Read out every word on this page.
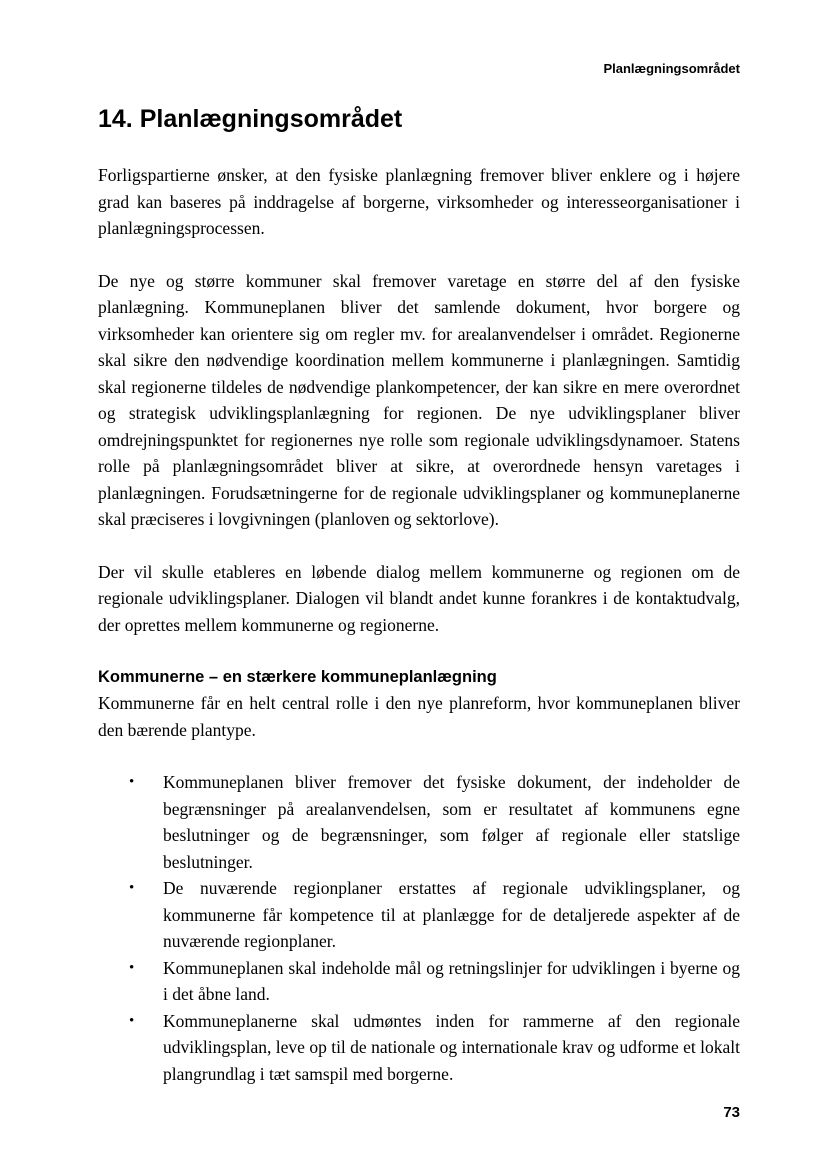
Planlægningsområdet
14. Planlægningsområdet

Forligspartierne ønsker, at den fysiske planlægning fremover bliver enklere og i højere grad kan baseres på inddragelse af borgerne, virksomheder og interesseorganisationer i planlægningsprocessen.

De nye og større kommuner skal fremover varetage en større del af den fysiske planlægning. Kommuneplanen bliver det samlende dokument, hvor borgere og virksomheder kan orientere sig om regler mv. for arealanvendelser i området. Regionerne skal sikre den nødvendige koordination mellem kommunerne i planlægningen. Samtidig skal regionerne tildeles de nødvendige plankompetencer, der kan sikre en mere overordnet og strategisk udviklingsplanlægning for regionen. De nye udviklingsplaner bliver omdrejningspunktet for regionernes nye rolle som regionale udviklingsdynamoer. Statens rolle på planlægningsområdet bliver at sikre, at overordnede hensyn varetages i planlægningen. Forudsætningerne for de regionale udviklingsplaner og kommuneplanerne skal præciseres i lovgivningen (planloven og sektorlove).

Der vil skulle etableres en løbende dialog mellem kommunerne og regionen om de regionale udviklingsplaner. Dialogen vil blandt andet kunne forankres i de kontaktudvalg, der oprettes mellem kommunerne og regionerne.

Kommunerne – en stærkere kommuneplanlægning

Kommunerne får en helt central rolle i den nye planreform, hvor kommuneplanen bliver den bærende plantype.

• Kommuneplanen bliver fremover det fysiske dokument, der indeholder de begrænsninger på arealanvendelsen, som er resultatet af kommunens egne beslutninger og de begrænsninger, som følger af regionale eller statslige beslutninger.
• De nuværende regionplaner erstattes af regionale udviklingsplaner, og kommunerne får kompetence til at planlægge for de detaljerede aspekter af de nuværende regionplaner.
• Kommuneplanen skal indeholde mål og retningslinjer for udviklingen i byerne og i det åbne land.
• Kommuneplanerne skal udmøntes inden for rammerne af den regionale udviklingsplan, leve op til de nationale og internationale krav og udforme et lokalt plangrundlag i tæt samspil med borgerne.
73
